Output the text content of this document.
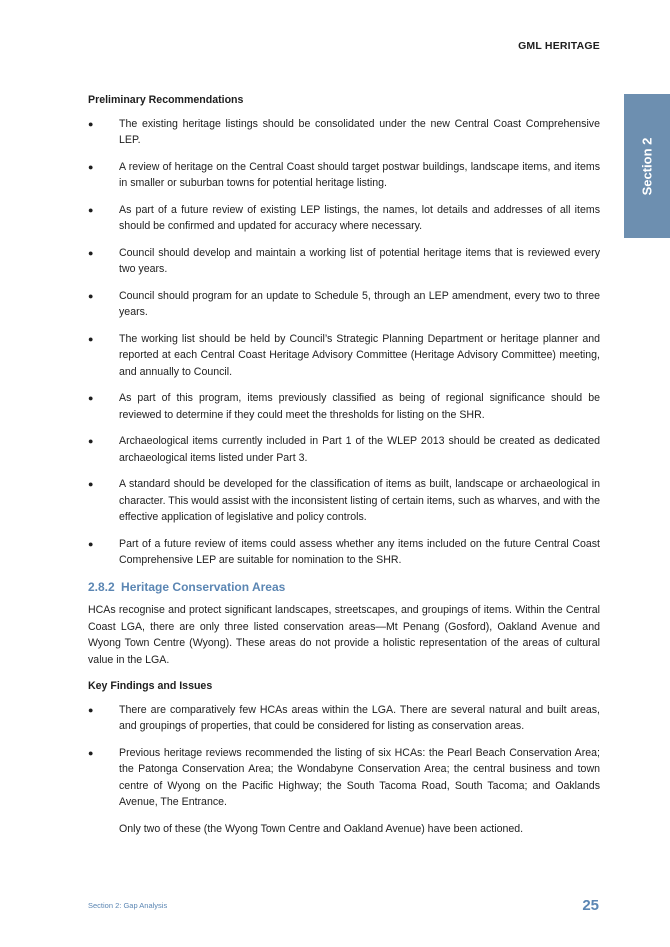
GML HERITAGE
Section 2
Preliminary Recommendations
● The existing heritage listings should be consolidated under the new Central Coast Comprehensive LEP.
● A review of heritage on the Central Coast should target postwar buildings, landscape items, and items in smaller or suburban towns for potential heritage listing.
● As part of a future review of existing LEP listings, the names, lot details and addresses of all items should be confirmed and updated for accuracy where necessary.
● Council should develop and maintain a working list of potential heritage items that is reviewed every two years.
● Council should program for an update to Schedule 5, through an LEP amendment, every two to three years.
● The working list should be held by Council’s Strategic Planning Department or heritage planner and reported at each Central Coast Heritage Advisory Committee (Heritage Advisory Committee) meeting, and annually to Council.
● As part of this program, items previously classified as being of regional significance should be reviewed to determine if they could meet the thresholds for listing on the SHR.
● Archaeological items currently included in Part 1 of the WLEP 2013 should be created as dedicated archaeological items listed under Part 3.
● A standard should be developed for the classification of items as built, landscape or archaeological in character. This would assist with the inconsistent listing of certain items, such as wharves, and with the effective application of legislative and policy controls.
● Part of a future review of items could assess whether any items included on the future Central Coast Comprehensive LEP are suitable for nomination to the SHR.
2.8.2 Heritage Conservation Areas

HCAs recognise and protect significant landscapes, streetscapes, and groupings of items. Within the Central Coast LGA, there are only three listed conservation areas—Mt Penang (Gosford), Oakland Avenue and Wyong Town Centre (Wyong). These areas do not provide a holistic representation of the areas of cultural value in the LGA.

Key Findings and Issues
● There are comparatively few HCAs areas within the LGA. There are several natural and built areas, and groupings of properties, that could be considered for listing as conservation areas.
● Previous heritage reviews recommended the listing of six HCAs: the Pearl Beach Conservation Area; the Patonga Conservation Area; the Wondabyne Conservation Area; the central business and town centre of Wyong on the Pacific Highway; the South Tacoma Road, South Tacoma; and Oaklands Avenue, The Entrance.

Only two of these (the Wyong Town Centre and Oakland Avenue) have been actioned.

Section 2: Gap Analysis	25
